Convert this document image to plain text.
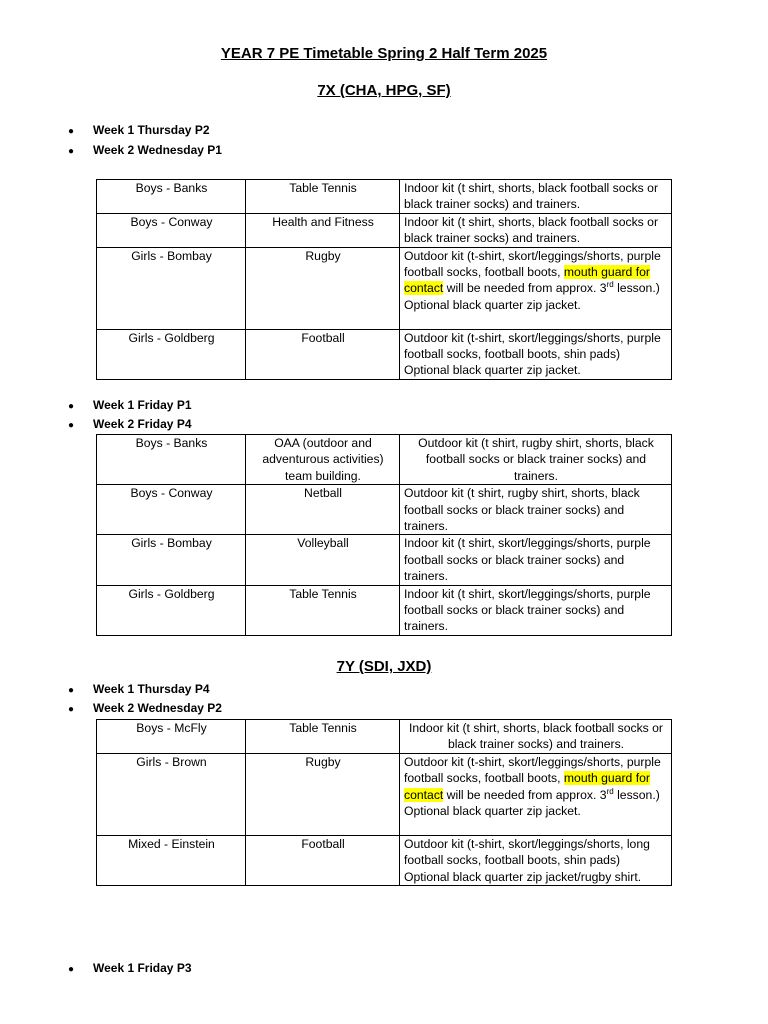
YEAR 7 PE Timetable Spring 2 Half Term 2025
7X (CHA, HPG, SF)
● Week 1 Thursday P2
● Week 2 Wednesday P1
Boys - Banks	Table Tennis	Indoor kit (t shirt, shorts, black football socks or black trainer socks) and trainers.
Boys - Conway	Health and Fitness	Indoor kit (t shirt, shorts, black football socks or black trainer socks) and trainers.
Girls - Bombay	Rugby	Outdoor kit (t-shirt, skort/leggings/shorts, purple football socks, football boots, mouth guard for contact will be needed from approx. 3rd lesson.) Optional black quarter zip jacket.
Girls - Goldberg	Football	Outdoor kit (t-shirt, skort/leggings/shorts, purple football socks, football boots, shin pads) Optional black quarter zip jacket.
● Week 1 Friday P1
● Week 2 Friday P4
Boys - Banks	OAA (outdoor and adventurous activities) team building.	Outdoor kit (t shirt, rugby shirt, shorts, black football socks or black trainer socks) and trainers.
Boys - Conway	Netball	Outdoor kit (t shirt, rugby shirt, shorts, black football socks or black trainer socks) and trainers.
Girls - Bombay	Volleyball	Indoor kit (t shirt, skort/leggings/shorts, purple football socks or black trainer socks) and trainers.
Girls - Goldberg	Table Tennis	Indoor kit (t shirt, skort/leggings/shorts, purple football socks or black trainer socks) and trainers.
7Y (SDI, JXD)
● Week 1 Thursday P4
● Week 2 Wednesday P2
Boys - McFly	Table Tennis	Indoor kit (t shirt, shorts, black football socks or black trainer socks) and trainers.
Girls - Brown	Rugby	Outdoor kit (t-shirt, skort/leggings/shorts, purple football socks, football boots, mouth guard for contact will be needed from approx. 3rd lesson.) Optional black quarter zip jacket.
Mixed - Einstein	Football	Outdoor kit (t-shirt, skort/leggings/shorts, long football socks, football boots, shin pads) Optional black quarter zip jacket/rugby shirt.
● Week 1 Friday P3
